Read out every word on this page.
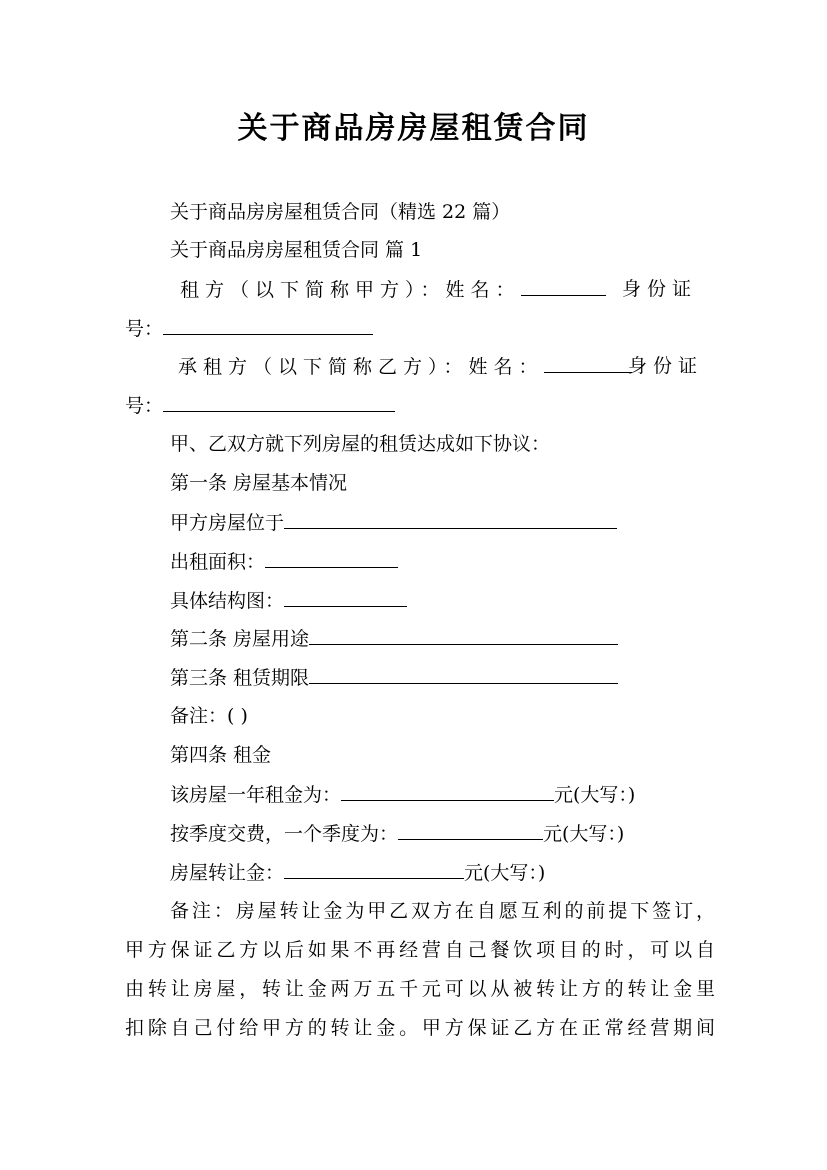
关于商品房房屋租赁合同
关于商品房房屋租赁合同（精选 22 篇）
关于商品房房屋租赁合同 篇 1
租方（以下简称甲方）：姓名：	身份证
号：
承租方（以下简称乙方）：姓名：	身份证
号：
甲、乙双方就下列房屋的租赁达成如下协议：
第一条 房屋基本情况
甲方房屋位于
出租面积：
具体结构图：
第二条 房屋用途
第三条 租赁期限
备注：( )
第四条 租金
该房屋一年租金为：	元(大写：)
按季度交费，一个季度为：	元(大写：)
房屋转让金：	元(大写：)
备注：房屋转让金为甲乙双方在自愿互利的前提下签订，
甲方保证乙方以后如果不再经营自己餐饮项目的时，可以自
由转让房屋，转让金两万五千元可以从被转让方的转让金里
扣除自己付给甲方的转让金。甲方保证乙方在正常经营期间
